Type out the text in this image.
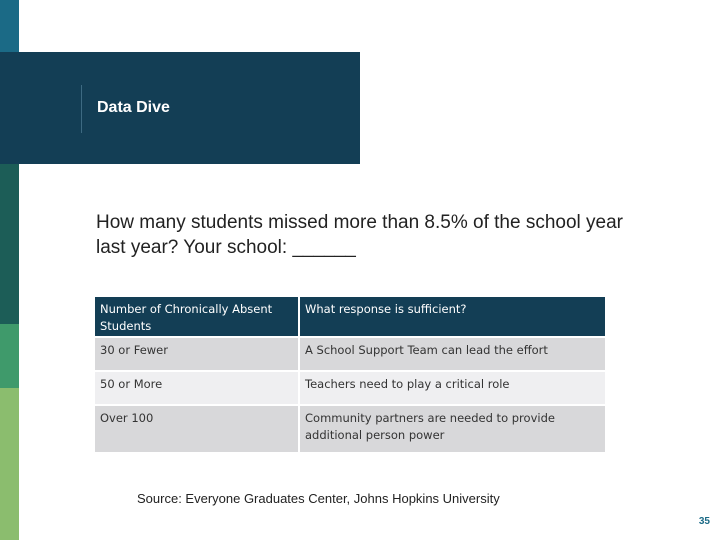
Data Dive
How many students missed more than 8.5% of the school year last year? Your school: ______
Number of Chronically Absent Students	What response is sufficient?
30 or Fewer	A School Support Team can lead the effort
50 or More	Teachers need to play a critical role
Over 100	Community partners are needed to provide additional person power
Source: Everyone Graduates Center, Johns Hopkins University
35
